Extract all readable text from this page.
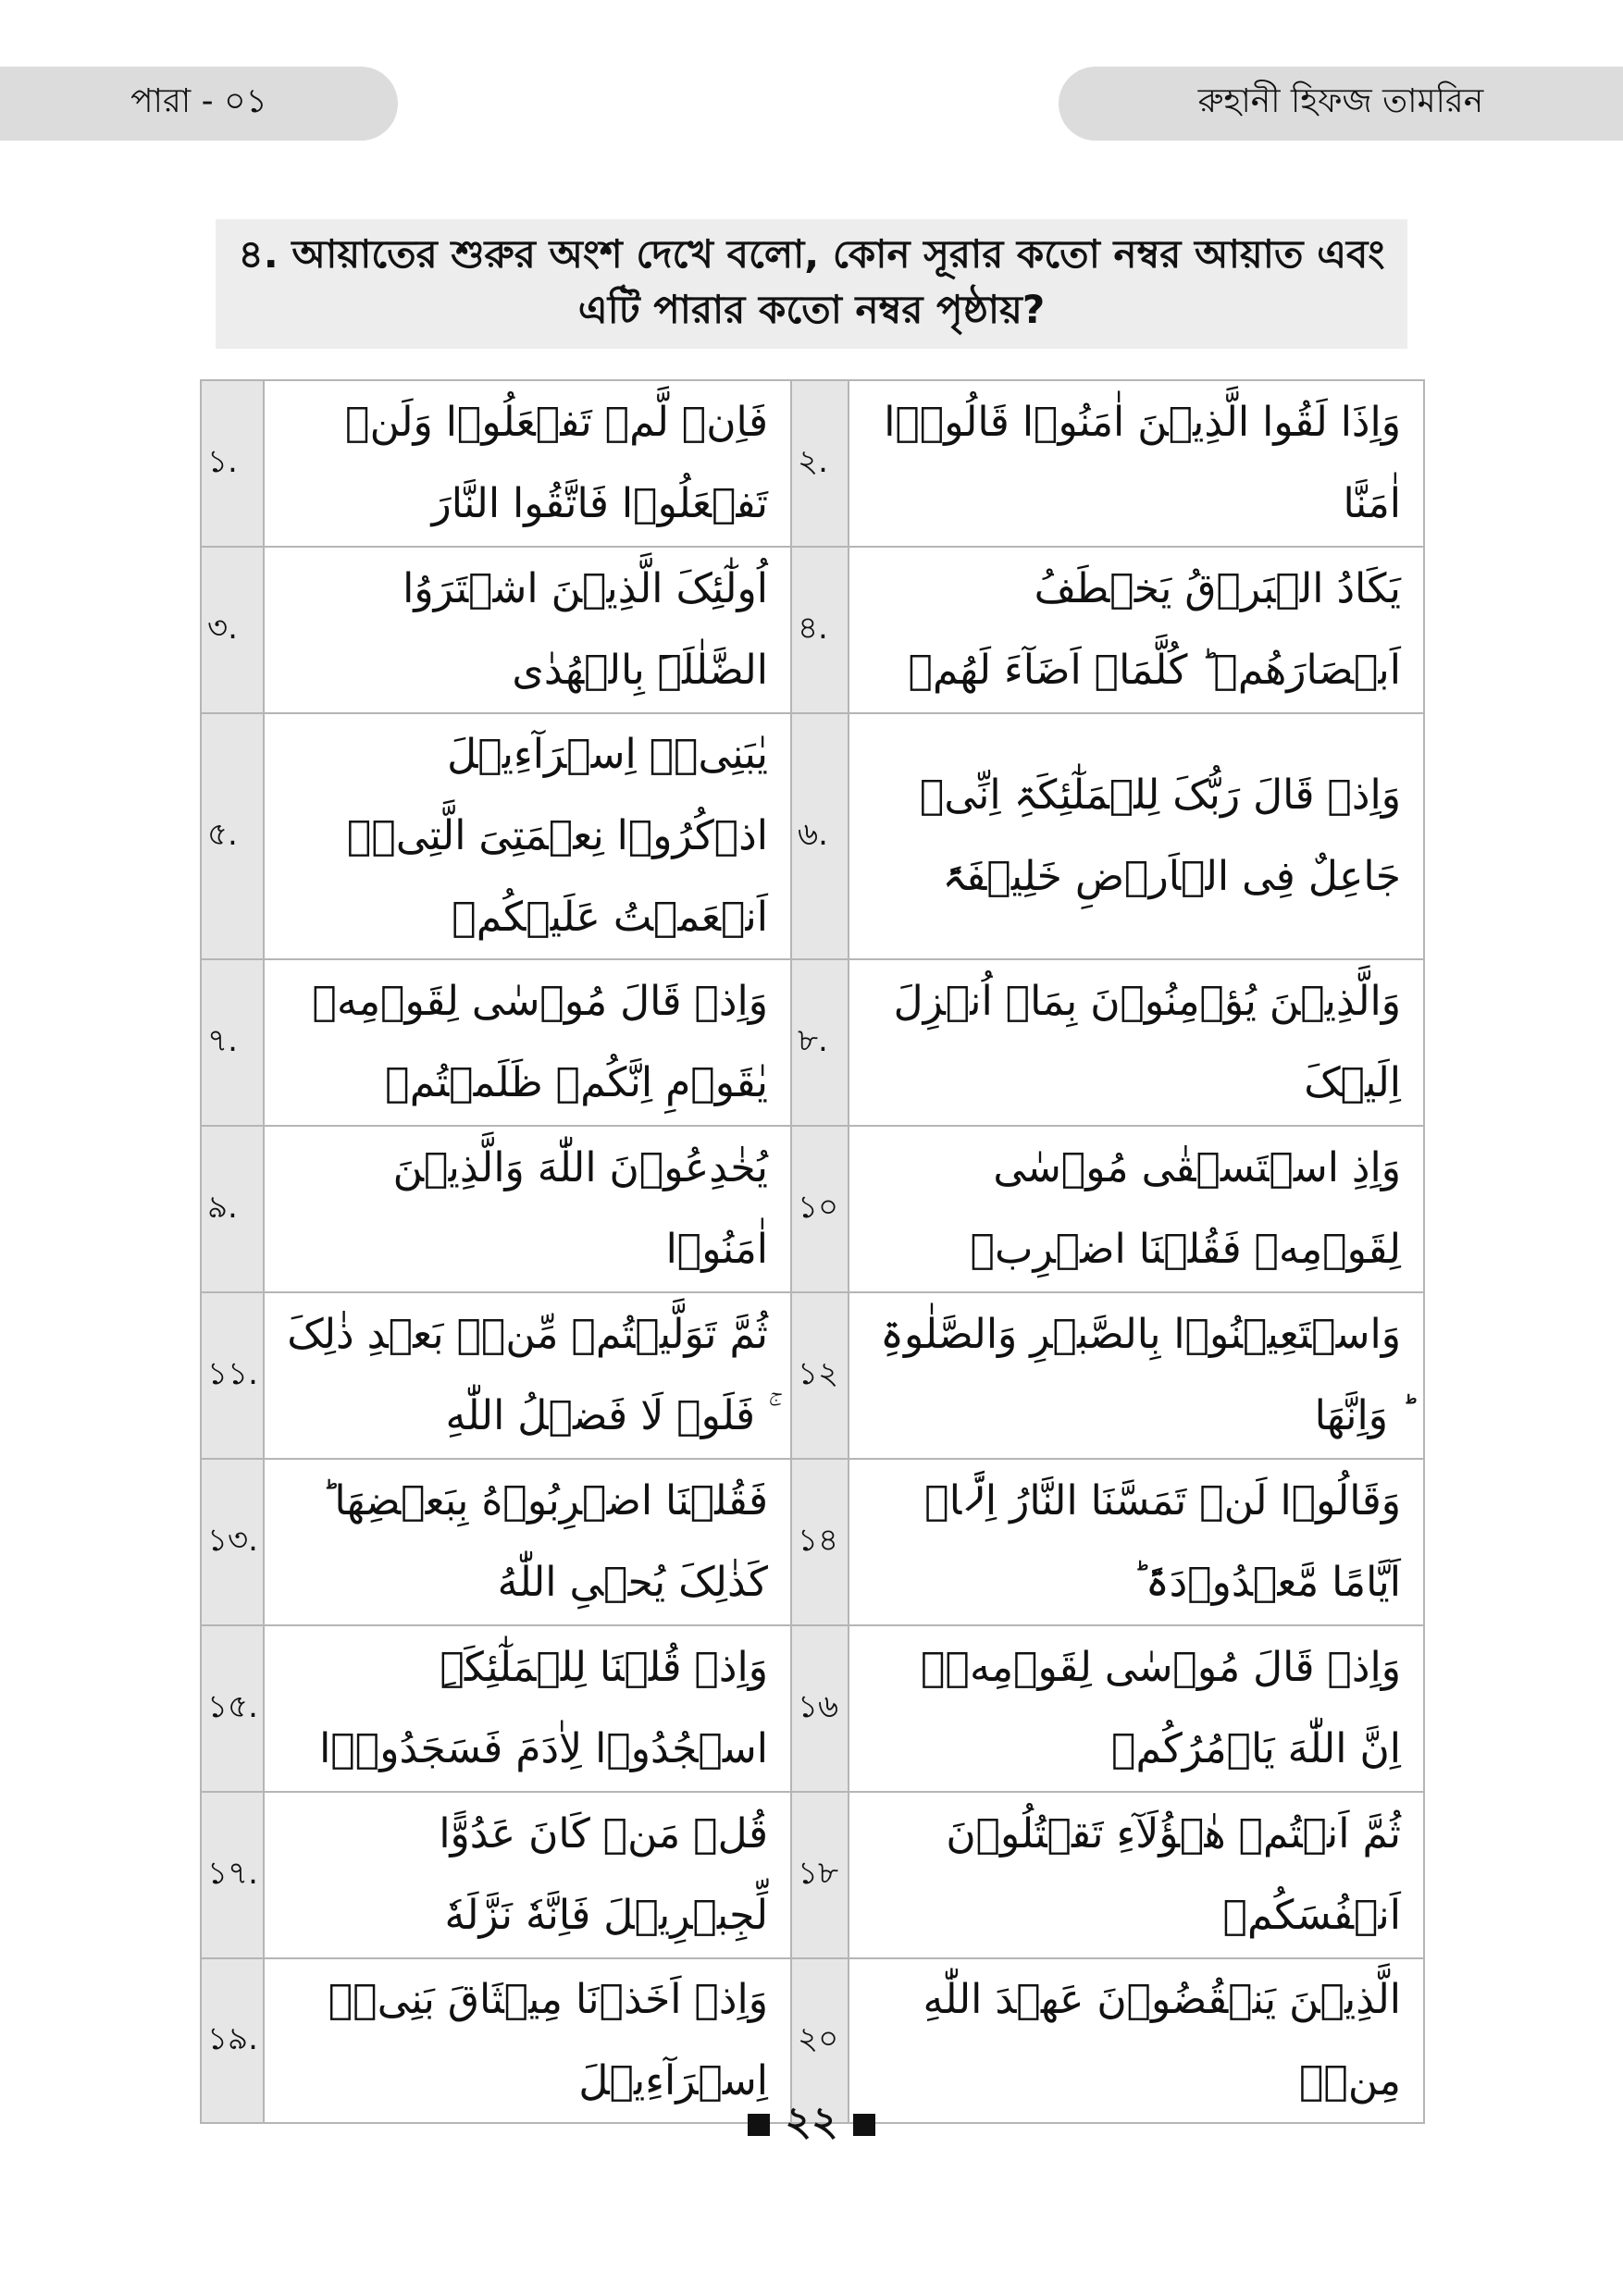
পারা - ০১	রুহানী হিফজ তামরিন
৪. আয়াতের শুরুর অংশ দেখে বলো, কোন সূরার কতো নম্বর আয়াত এবং এটি পারার কতো নম্বর পৃষ্ঠায়?
১.	فَاِنۡ لَّمۡ تَفۡعَلُوۡا وَلَنۡ تَفۡعَلُوۡا فَاتَّقُوا النَّارَ	২.	وَاِذَا لَقُوا الَّذِیۡنَ اٰمَنُوۡا قَالُوۡۤا اٰمَنَّا
৩.	اُولٰٓئِکَ الَّذِیۡنَ اشۡتَرَوُا الضَّلٰلَۃَ بِالۡهُدٰی	৪.	یَکَادُ الۡبَرۡقُ یَخۡطَفُ اَبۡصَارَهُمۡ ؕ کُلَّمَاۤ اَضَآءَ لَهُمۡ
৫.	یٰبَنِیۡۤ اِسۡرَآءِیۡلَ اذۡکُرُوۡا نِعۡمَتِیَ الَّتِیۡۤ اَنۡعَمۡتُ عَلَیۡکُمۡ	৬.	وَاِذۡ قَالَ رَبُّکَ لِلۡمَلٰٓئِکَۃِ اِنِّیۡ جَاعِلٌ فِی الۡاَرۡضِ خَلِیۡفَۃً
৭.	وَاِذۡ قَالَ مُوۡسٰی لِقَوۡمِهٖ یٰقَوۡمِ اِنَّکُمۡ ظَلَمۡتُمۡ	৮.	وَالَّذِیۡنَ یُؤۡمِنُوۡنَ بِمَاۤ اُنۡزِلَ اِلَیۡکَ
৯.	یُخٰدِعُوۡنَ اللّٰهَ وَالَّذِیۡنَ اٰمَنُوۡا	১০	وَاِذِ اسۡتَسۡقٰی مُوۡسٰی لِقَوۡمِهٖ فَقُلۡنَا اضۡرِبۡ
১১.	ثُمَّ تَوَلَّیۡتُمۡ مِّنۡۢ بَعۡدِ ذٰلِکَ ۚ فَلَوۡ لَا فَضۡلُ اللّٰهِ	১২	وَاسۡتَعِیۡنُوۡا بِالصَّبۡرِ وَالصَّلٰوۃِ ؕ وَاِنَّهَا
১৩.	فَقُلۡنَا اضۡرِبُوۡهُ بِبَعۡضِهَا ؕ کَذٰلِکَ یُحۡیِ اللّٰهُ	১৪	وَقَالُوۡا لَنۡ تَمَسَّنَا النَّارُ اِلَّاۤ اَیَّامًا مَّعۡدُوۡدَۃً ؕ
১৫.	وَاِذۡ قُلۡنَا لِلۡمَلٰٓئِکَۃِ اسۡجُدُوۡا لِاٰدَمَ فَسَجَدُوۡۤا	১৬	وَاِذۡ قَالَ مُوۡسٰی لِقَوۡمِهٖۤ اِنَّ اللّٰهَ یَاۡمُرُکُمۡ
১৭.	قُلۡ مَنۡ کَانَ عَدُوًّا لِّجِبۡرِیۡلَ فَاِنَّهٗ نَزَّلَهٗ	১৮	ثُمَّ اَنۡتُمۡ هٰۤؤُلَآءِ تَقۡتُلُوۡنَ اَنۡفُسَکُمۡ
১৯.	وَاِذۡ اَخَذۡنَا مِیۡثَاقَ بَنِیۡۤ اِسۡرَآءِیۡلَ	২০	الَّذِیۡنَ یَنۡقُضُوۡنَ عَهۡدَ اللّٰهِ مِنۡۢ
২২
